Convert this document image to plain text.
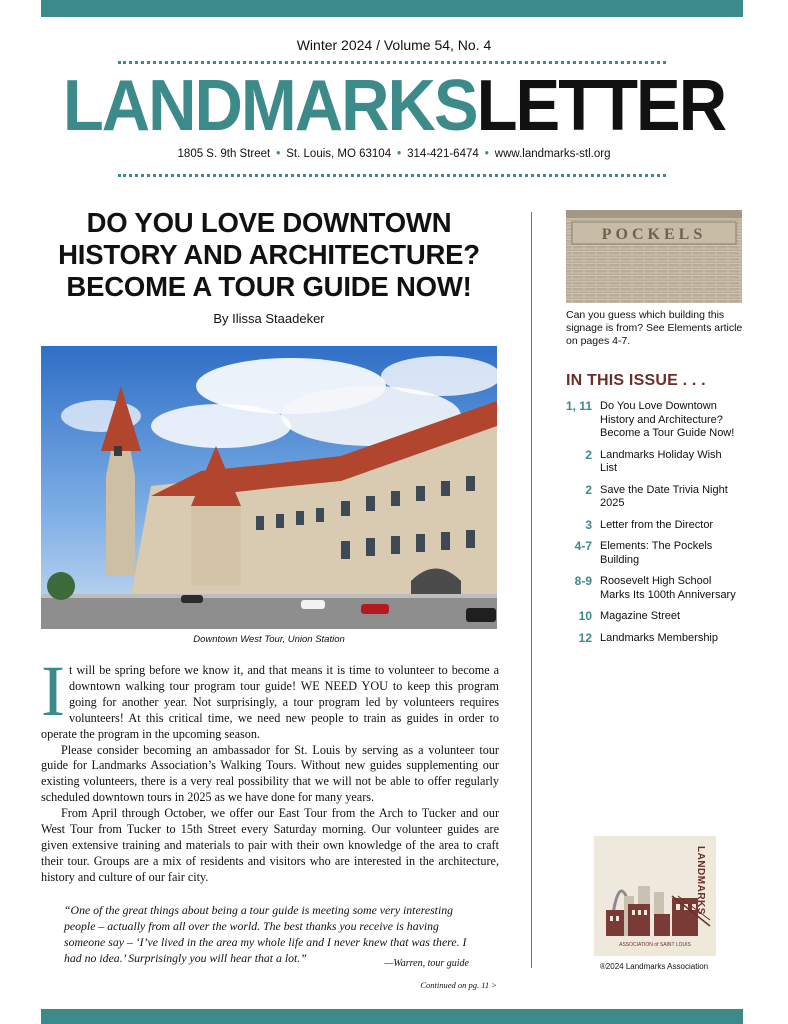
Winter 2024 / Volume 54, No. 4
LANDMARKSLETTER
1805 S. 9th Street • St. Louis, MO 63104 • 314-421-6474 • www.landmarks-stl.org
DO YOU LOVE DOWNTOWN
HISTORY AND ARCHITECTURE?
BECOME A TOUR GUIDE NOW!
By Ilissa Staadeker
Downtown West Tour, Union Station

It will be spring before we know it, and that means it is time to volunteer to become a downtown walking tour program tour guide! WE NEED YOU to keep this program going for another year. Not surprisingly, a tour program led by volunteers requires volunteers! At this critical time, we need new people to train as guides in order to operate the program in the upcoming season.

Please consider becoming an ambassador for St. Louis by serving as a volunteer tour guide for Landmarks Association’s Walking Tours. Without new guides supplementing our existing volunteers, there is a very real possibility that we will not be able to offer regularly scheduled downtown tours in 2025 as we have done for many years.

From April through October, we offer our East Tour from the Arch to Tucker and our West Tour from Tucker to 15th Street every Saturday morning. Our volunteer guides are given extensive training and materials to pair with their own knowledge of the area to craft their tour. Groups are a mix of residents and visitors who are interested in the architecture, history and culture of our fair city.

“One of the great things about being a tour guide is meeting some very interesting people – actually from all over the world. The best thanks you receive is having someone say – ‘I’ve lived in the area my whole life and I never knew that was there. I had no idea.’ Surprisingly you will hear that a lot.”	—Warren, tour guide
Continued on pg. 11 >
POCKELS
Can you guess which building this signage is from? See Elements article on pages 4-7.
IN THIS ISSUE . . .
1, 11 Do You Love Downtown History and Architecture? Become a Tour Guide Now!
2 Landmarks Holiday Wish List
2 Save the Date Trivia Night 2025
3 Letter from the Director
4-7 Elements: The Pockels Building
8-9 Roosevelt High School Marks Its 100th Anniversary
10 Magazine Street
12 Landmarks Membership
LANDMARKS
ASSOCIATION of SAINT LOUIS
®2024 Landmarks Association
